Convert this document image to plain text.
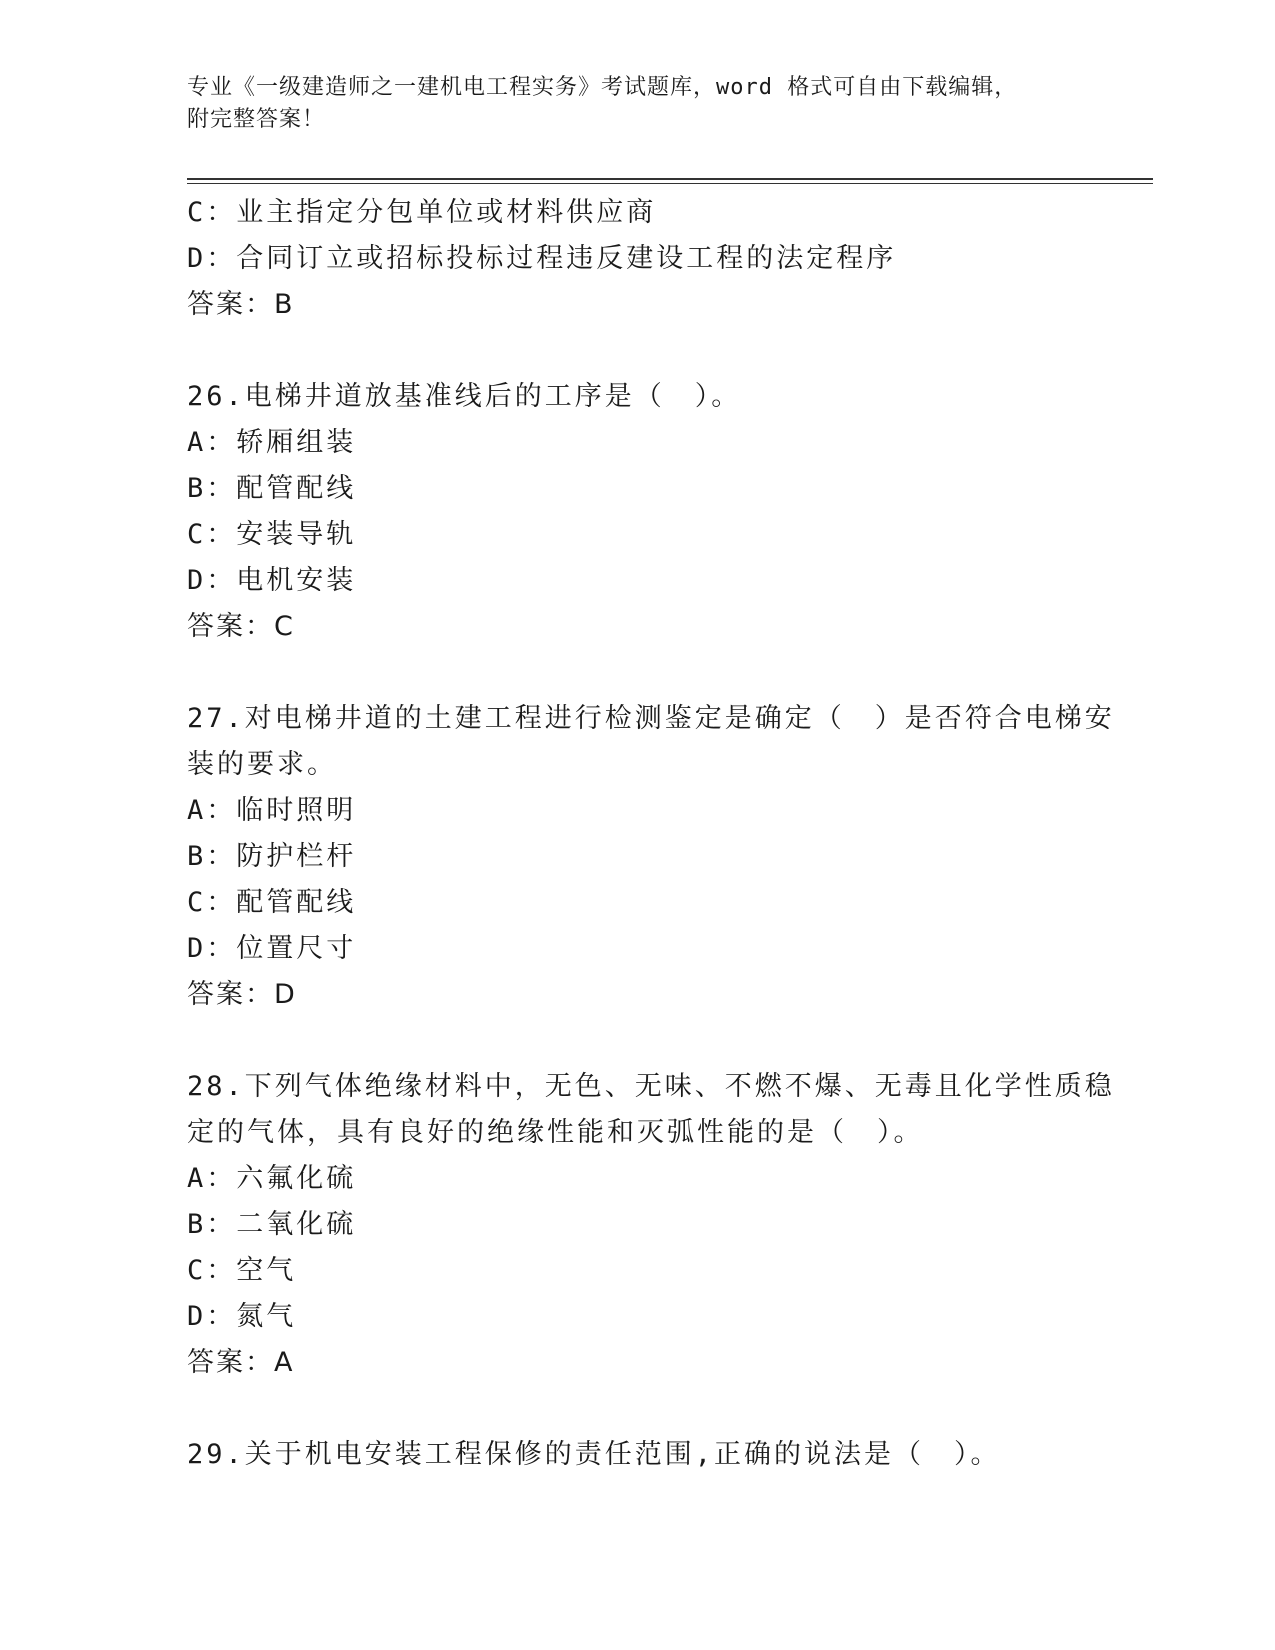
专业《一级建造师之一建机电工程实务》考试题库，word 格式可自由下载编辑，
附完整答案！
C：业主指定分包单位或材料供应商
D：合同订立或招标投标过程违反建设工程的法定程序
答案：B
26.电梯井道放基准线后的工序是（　）。
A：轿厢组装
B：配管配线
C：安装导轨
D：电机安装
答案：C
27.对电梯井道的土建工程进行检测鉴定是确定（　）是否符合电梯安
装的要求。
A：临时照明
B：防护栏杆
C：配管配线
D：位置尺寸
答案：D
28.下列气体绝缘材料中，无色、无味、不燃不爆、无毒且化学性质稳
定的气体，具有良好的绝缘性能和灭弧性能的是（　）。
A：六氟化硫
B：二氧化硫
C：空气
D：氮气
答案：A
29.关于机电安装工程保修的责任范围,正确的说法是（　）。
